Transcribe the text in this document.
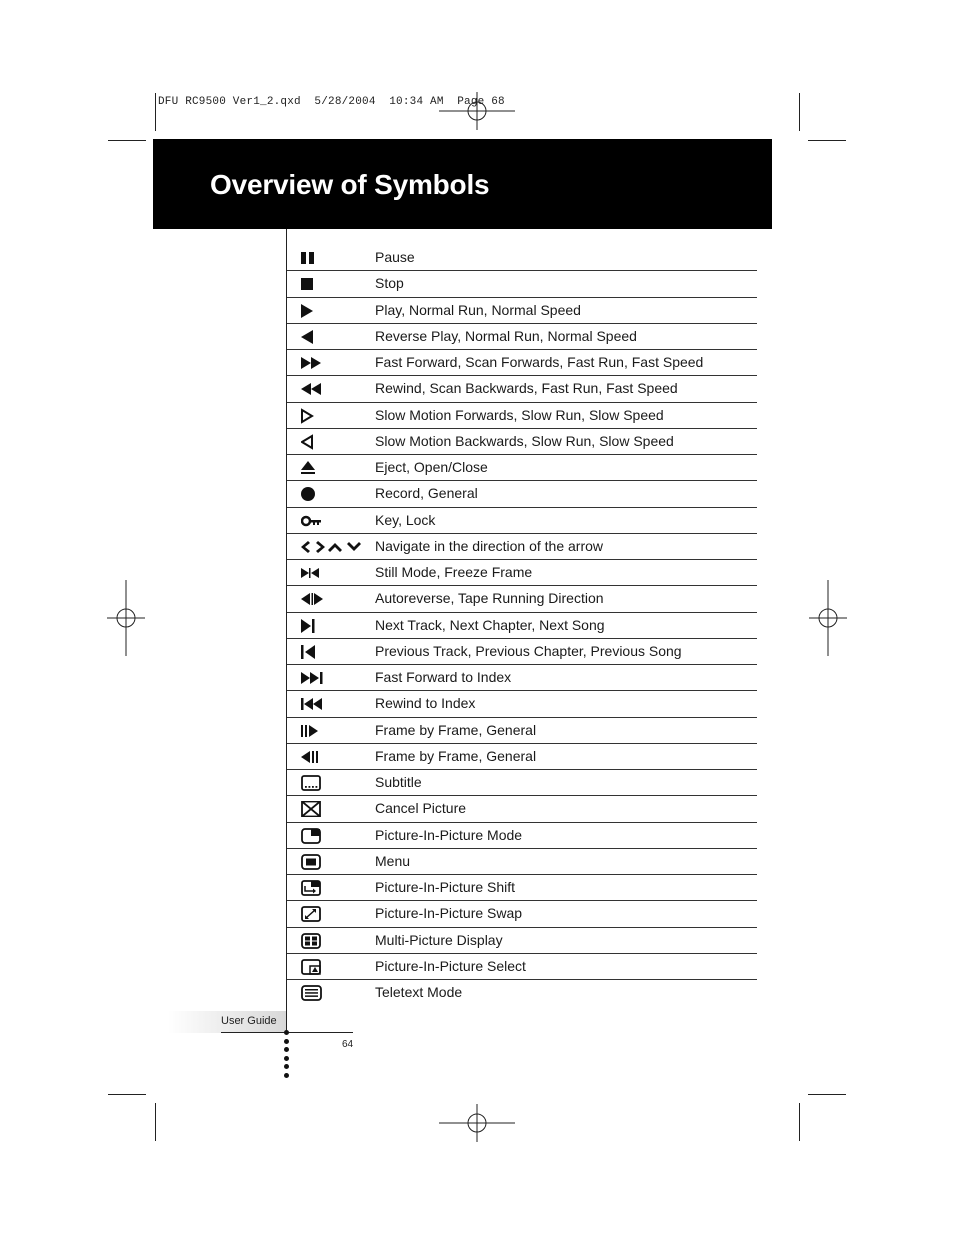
DFU RC9500 Ver1_2.qxd  5/28/2004  10:34 AM  Page 68
Overview of Symbols
Pause
Stop
Play, Normal Run, Normal Speed
Reverse Play, Normal Run, Normal Speed
Fast Forward, Scan Forwards, Fast Run, Fast Speed
Rewind, Scan Backwards, Fast Run, Fast Speed
Slow Motion Forwards, Slow Run, Slow Speed
Slow Motion Backwards, Slow Run, Slow Speed
Eject, Open/Close
Record, General
Key, Lock
Navigate in the direction of the arrow
Still Mode, Freeze Frame
Autoreverse, Tape Running Direction
Next Track, Next Chapter, Next Song
Previous Track, Previous Chapter, Previous Song
Fast Forward to Index
Rewind to Index
Frame by Frame, General
Frame by Frame, General
Subtitle
Cancel Picture
Picture-In-Picture Mode
Menu
Picture-In-Picture Shift
Picture-In-Picture Swap
Multi-Picture Display
Picture-In-Picture Select
Teletext Mode
User Guide
64
